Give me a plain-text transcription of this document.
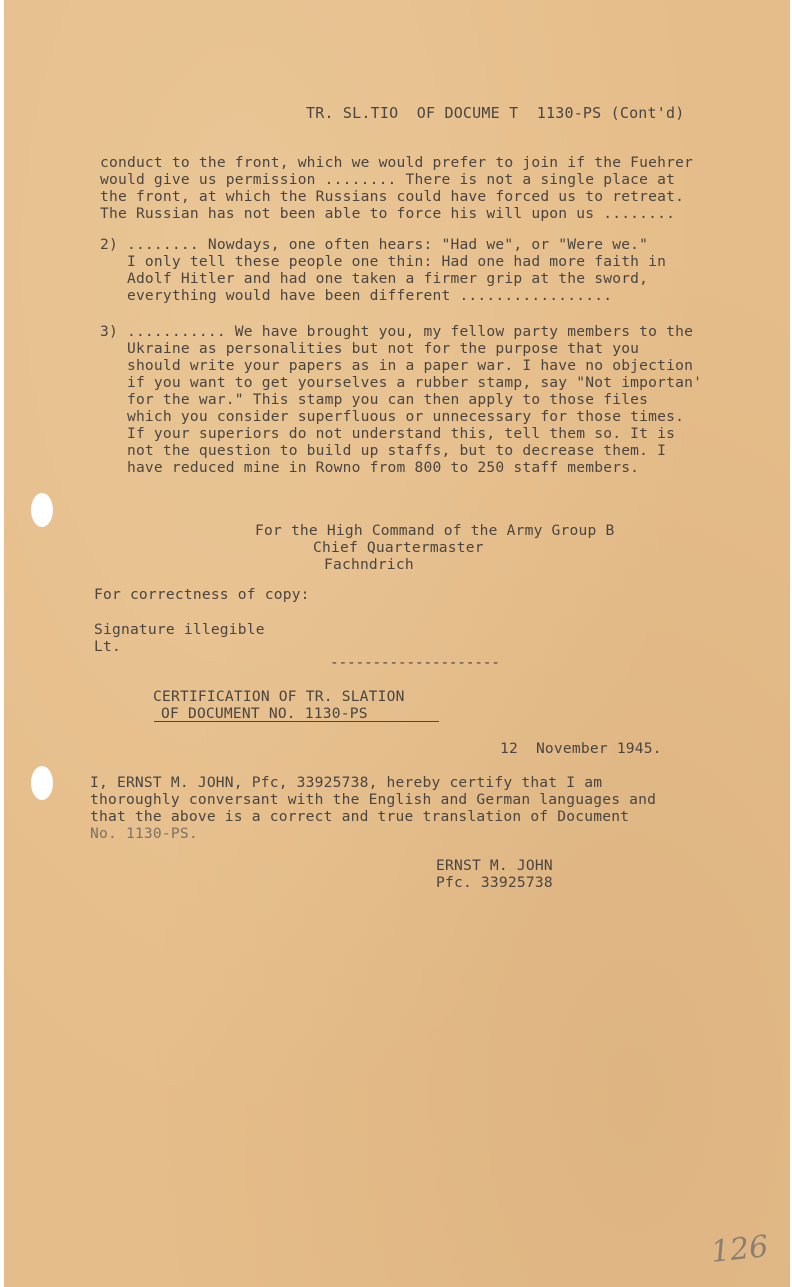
TR. SL.TIO  OF DOCUME T  1130-PS (Cont'd)
conduct to the front, which we would prefer to join if the Fuehrer
would give us permission ........ There is not a single place at
the front, at which the Russians could have forced us to retreat.
The Russian has not been able to force his will upon us ........
2) ........ Nowdays, one often hears: "Had we", or "Were we."
I only tell these people one thin: Had one had more faith in
Adolf Hitler and had one taken a firmer grip at the sword,
everything would have been different .................
3) ........... We have brought you, my fellow party members to the
Ukraine as personalities but not for the purpose that you
should write your papers as in a paper war. I have no objection
if you want to get yourselves a rubber stamp, say "Not importan'
for the war." This stamp you can then apply to those files
which you consider superfluous or unnecessary for those times.
If your superiors do not understand this, tell them so. It is
not the question to build up staffs, but to decrease them. I
have reduced mine in Rowno from 800 to 250 staff members.
For the High Command of the Army Group B
Chief Quartermaster
Fachndrich
For correctness of copy:
Signature illegible
Lt.
--------------------
CERTIFICATION OF TR. SLATION
OF DOCUMENT NO. 1130-PS
12  November 1945.
I, ERNST M. JOHN, Pfc, 33925738, hereby certify that I am
thoroughly conversant with the English and German languages and
that the above is a correct and true translation of Document
No. 1130-PS.
ERNST M. JOHN
Pfc. 33925738
126
